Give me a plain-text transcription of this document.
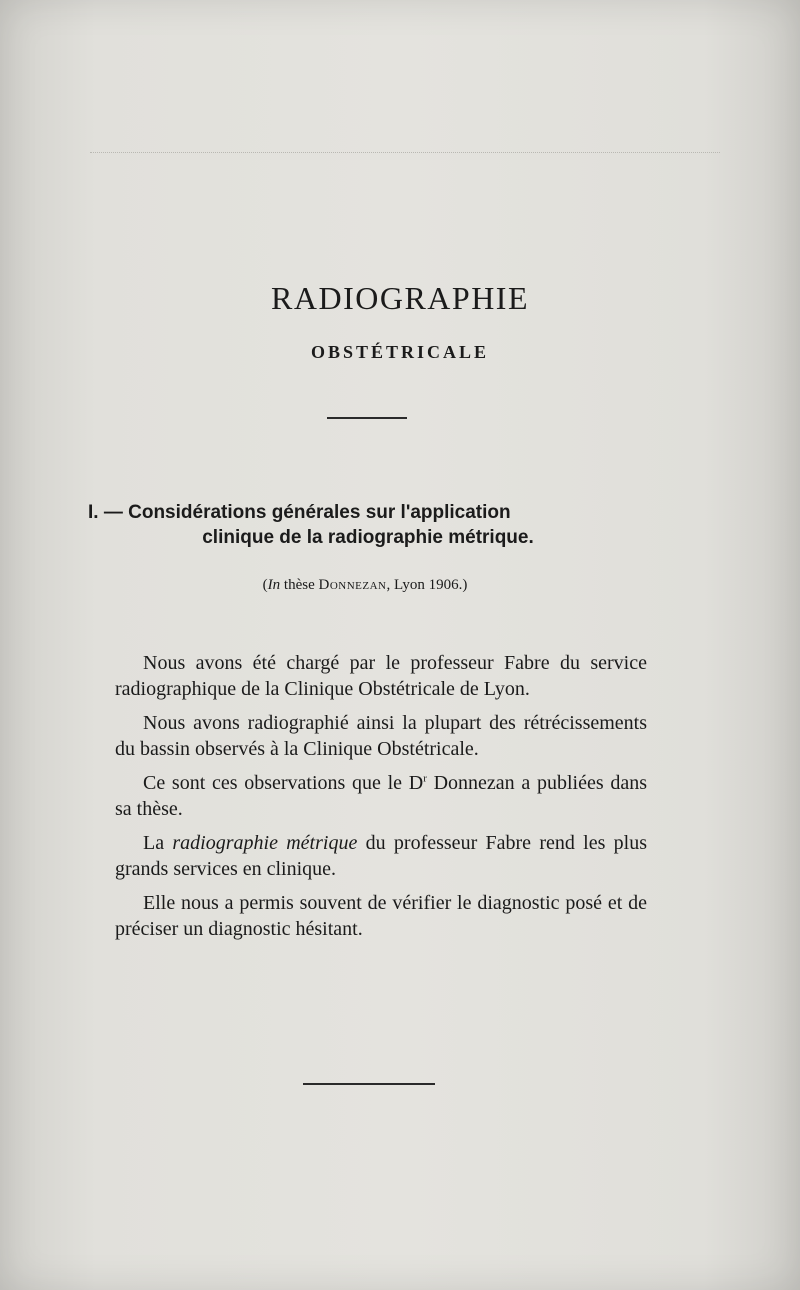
RADIOGRAPHIE
OBSTÉTRICALE
I. — Considérations générales sur l'application
clinique de la radiographie métrique.

(In thèse Donnezan, Lyon 1906.)

Nous avons été chargé par le professeur Fabre du service radiographique de la Clinique Obstétricale de Lyon.

Nous avons radiographié ainsi la plupart des rétrécissements du bassin observés à la Clinique Obstétricale.

Ce sont ces observations que le $D^r$ Donnezan a publiées dans sa thèse.

La radiographie métrique du professeur Fabre rend les plus grands services en clinique.

Elle nous a permis souvent de vérifier le diagnostic posé et de préciser un diagnostic hésitant.
